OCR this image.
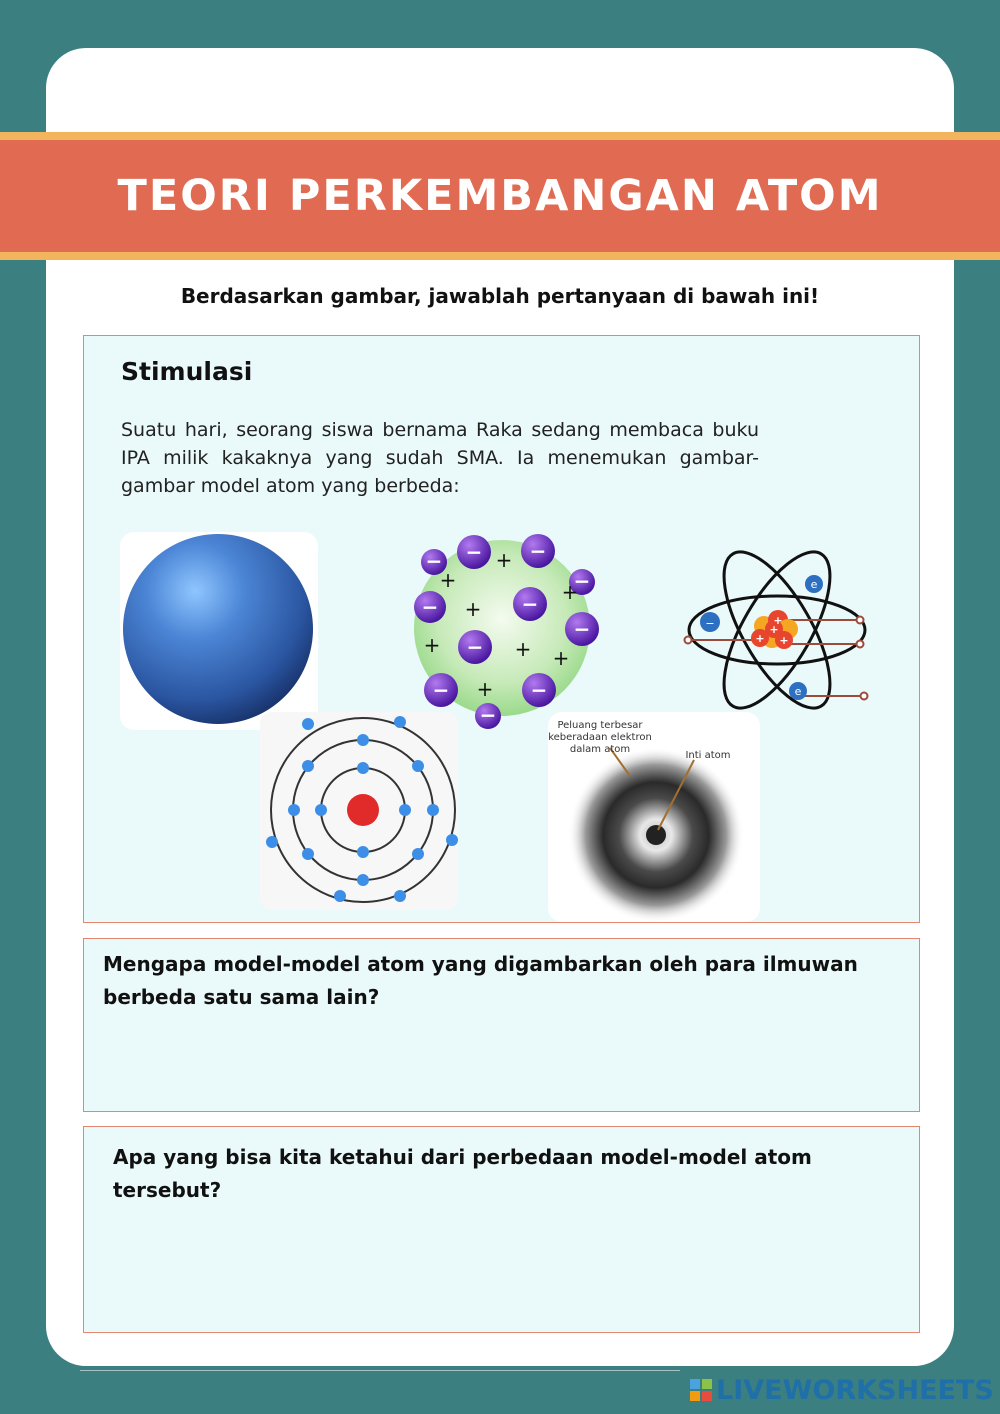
TEORI PERKEMBANGAN ATOM

Berdasarkan gambar, jawablah pertanyaan di bawah ini!

Stimulasi

Suatu hari, seorang siswa bernama Raka sedang membaca buku IPA milik kakaknya yang sudah SMA. Ia menemukan gambar-gambar model atom yang berbeda:

− − −
−
−	−
−
−
−	−
−
+
+	+
+
+	+ +
+
+
+
+ +
e
−
e
Peluang terbesar
keberadaan elektron
dalam atom
Inti atom

Mengapa model-model atom yang digambarkan oleh para ilmuwan berbeda satu sama lain?

Apa yang bisa kita ketahui dari perbedaan model-model atom tersebut?

LIVEWORKSHEETS
